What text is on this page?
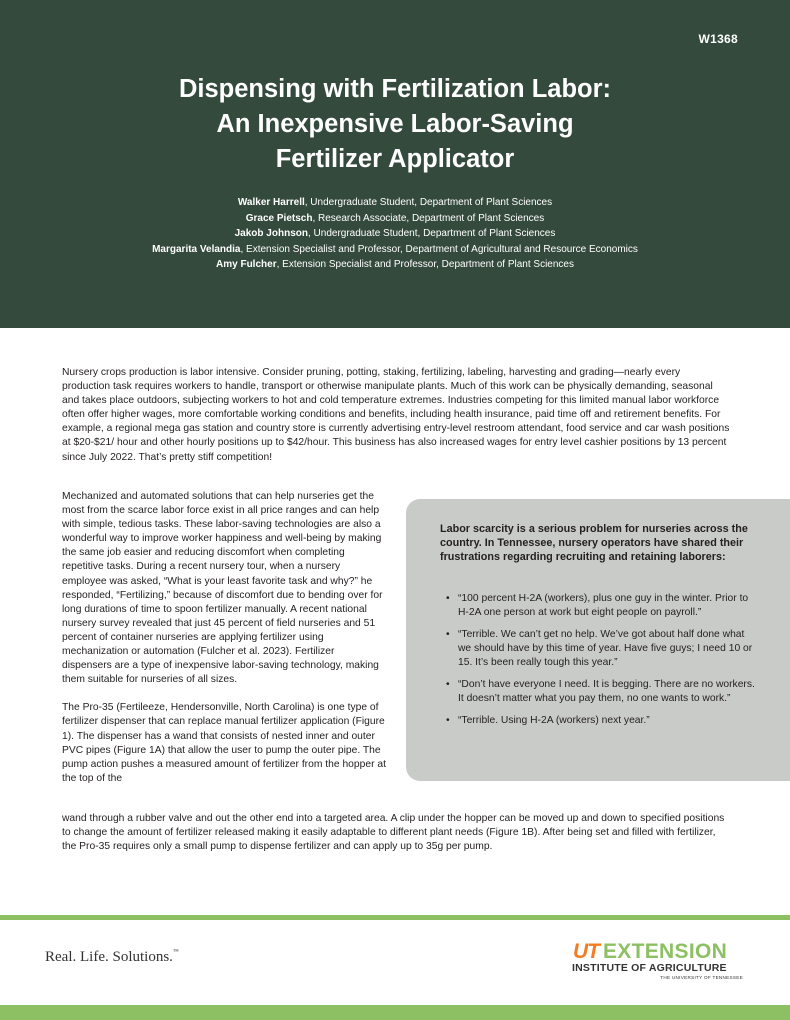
W1368
Dispensing with Fertilization Labor:
An Inexpensive Labor-Saving
Fertilizer Applicator
Walker Harrell, Undergraduate Student, Department of Plant Sciences
Grace Pietsch, Research Associate, Department of Plant Sciences
Jakob Johnson, Undergraduate Student, Department of Plant Sciences
Margarita Velandia, Extension Specialist and Professor, Department of Agricultural and Resource Economics
Amy Fulcher, Extension Specialist and Professor, Department of Plant Sciences

Nursery crops production is labor intensive. Consider pruning, potting, staking, fertilizing, labeling, harvesting and grading—nearly every production task requires workers to handle, transport or otherwise manipulate plants. Much of this work can be physically demanding, seasonal and takes place outdoors, subjecting workers to hot and cold temperature extremes. Industries competing for this limited manual labor workforce often offer higher wages, more comfortable working conditions and benefits, including health insurance, paid time off and retirement benefits. For example, a regional mega gas station and country store is currently advertising entry-level restroom attendant, food service and car wash positions at $20-$21/ hour and other hourly positions up to $42/hour. This business has also increased wages for entry level cashier positions by 13 percent since July 2022. That’s pretty stiff competition!

Mechanized and automated solutions that can help nurseries get the most from the scarce labor force exist in all price ranges and can help with simple, tedious tasks. These labor-saving technologies are also a wonderful way to improve worker happiness and well-being by making the same job easier and reducing discomfort when completing repetitive tasks. During a recent nursery tour, when a nursery employee was asked, “What is your least favorite task and why?” he responded, “Fertilizing,” because of discomfort due to bending over for long durations of time to spoon fertilizer manually. A recent national nursery survey revealed that just 45 percent of field nurseries and 51 percent of container nurseries are applying fertilizer using mechanization or automation (Fulcher et al. 2023). Fertilizer dispensers are a type of inexpensive labor-saving technology, making them suitable for nurseries of all sizes.

The Pro-35 (Fertileeze, Hendersonville, North Carolina) is one type of fertilizer dispenser that can replace manual fertilizer application (Figure 1). The dispenser has a wand that consists of nested inner and outer PVC pipes (Figure 1A) that allow the user to pump the outer pipe. The pump action pushes a measured amount of fertilizer from the hopper at the top of the

Labor scarcity is a serious problem for nurseries across the country. In Tennessee, nursery operators have shared their frustrations regarding recruiting and retaining laborers:
• “100 percent H-2A (workers), plus one guy in the winter. Prior to H-2A one person at work but eight people on payroll.”
• “Terrible. We can’t get no help. We’ve got about half done what we should have by this time of year. Have five guys; I need 10 or 15. It’s been really tough this year.”
• “Don’t have everyone I need. It is begging. There are no workers. It doesn’t matter what you pay them, no one wants to work.”
• “Terrible. Using H-2A (workers) next year.”

wand through a rubber valve and out the other end into a targeted area. A clip under the hopper can be moved up and down to specified positions to change the amount of fertilizer released making it easily adaptable to different plant needs (Figure 1B). After being set and filled with fertilizer, the Pro-35 requires only a small pump to dispense fertilizer and can apply up to 35g per pump.

Real. Life. Solutions.™	UT EXTENSION
INSTITUTE OF AGRICULTURE
THE UNIVERSITY OF TENNESSEE
